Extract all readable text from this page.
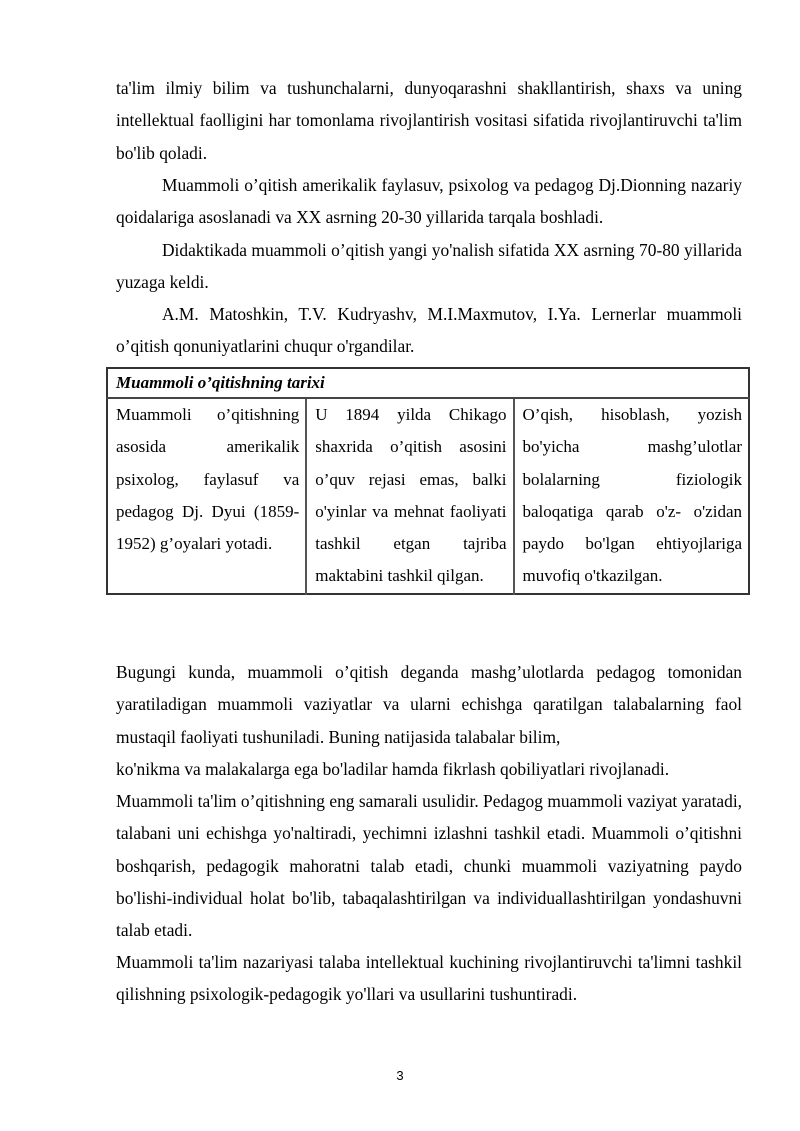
ta'lim ilmiy bilim va tushunchalarni, dunyoqarashni shakllantirish, shaxs va uning intellektual faolligini har tomonlama rivojlantirish vositasi sifatida rivojlantiruvchi ta'lim bo'lib qoladi.

Muammoli o’qitish amerikalik faylasuv, psixolog va pedagog Dj.Dionning nazariy qoidalariga asoslanadi va XX asrning 20-30 yillarida tarqala boshladi.

Didaktikada muammoli o’qitish yangi yo'nalish sifatida XX asrning 70-80 yillarida yuzaga keldi.

A.M. Matoshkin, T.V. Kudryashv, M.I.Maxmutov, I.Ya. Lernerlar muammoli o’qitish qonuniyatlarini chuqur o'rgandilar.

Muammoli o’qitishning tarixi
Muammoli o’qitishning asosida amerikalik psixolog, faylasuf va pedagog Dj. Dyui (1859-1952) g’oyalari yotadi.	U 1894 yilda Chikago shaxrida o’qitish asosini o’quv rejasi emas, balki o'yinlar va mehnat faoliyati tashkil etgan tajriba maktabini tashkil qilgan.	O’qish, hisoblash, yozish bo'yicha mashg’ulotlar bolalarning fiziologik baloqatiga qarab o'z- o'zidan paydo bo'lgan ehtiyojlariga muvofiq o'tkazilgan.

Bugungi kunda, muammoli o’qitish deganda mashg’ulotlarda pedagog tomonidan yaratiladigan muammoli vaziyatlar va ularni echishga qaratilgan talabalarning faol mustaqil faoliyati tushuniladi. Buning natijasida talabalar bilim,

ko'nikma va malakalarga ega bo'ladilar hamda fikrlash qobiliyatlari rivojlanadi.

Muammoli ta'lim o’qitishning eng samarali usulidir. Pedagog muammoli vaziyat yaratadi, talabani uni echishga yo'naltiradi, yechimni izlashni tashkil etadi. Muammoli o’qitishni boshqarish, pedagogik mahoratni talab etadi, chunki muammoli vaziyatning paydo bo'lishi-individual holat bo'lib, tabaqalashtirilgan va individuallashtirilgan yondashuvni talab etadi.

Muammoli ta'lim nazariyasi talaba intellektual kuchining rivojlantiruvchi ta'limni tashkil qilishning psixologik-pedagogik yo'llari va usullarini tushuntiradi.

3
